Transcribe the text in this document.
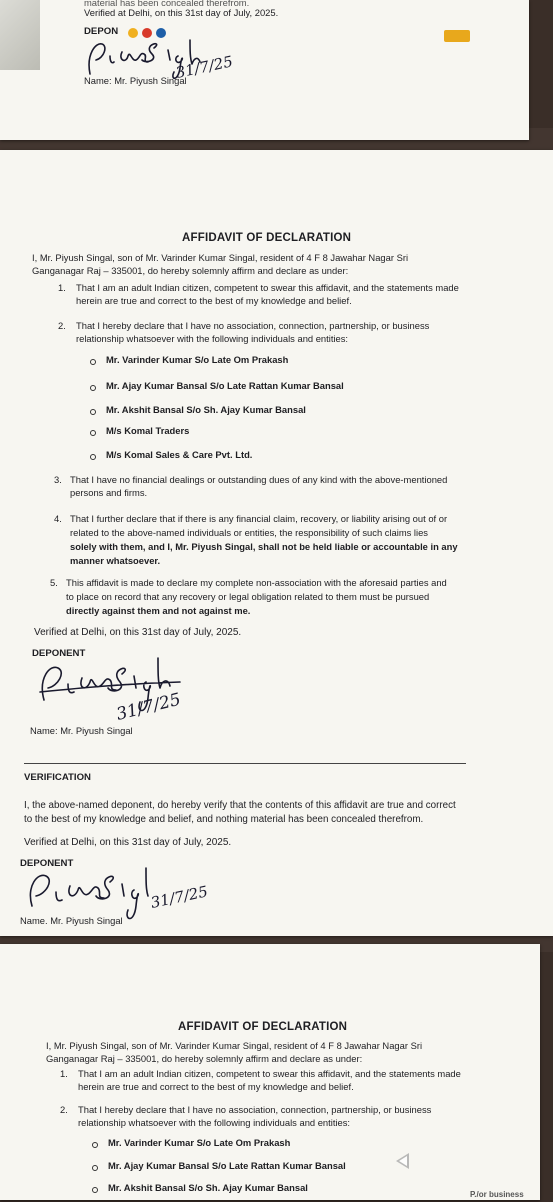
material has been concealed therefrom.
Verified at Delhi, on this 31st day of July, 2025.
DEPON
31/7/25
Name: Mr. Piyush Singal
AFFIDAVIT OF DECLARATION
I, Mr. Piyush Singal, son of Mr. Varinder Kumar Singal, resident of 4 F 8 Jawahar Nagar Sri
Ganganagar Raj – 335001, do hereby solemnly affirm and declare as under:
1. That I am an adult Indian citizen, competent to swear this affidavit, and the statements made
herein are true and correct to the best of my knowledge and belief.
2. That I hereby declare that I have no association, connection, partnership, or business
relationship whatsoever with the following individuals and entities:
Mr. Varinder Kumar S/o Late Om Prakash
Mr. Ajay Kumar Bansal S/o Late Rattan Kumar Bansal
Mr. Akshit Bansal S/o Sh. Ajay Kumar Bansal
M/s Komal Traders
M/s Komal Sales & Care Pvt. Ltd.
3. That I have no financial dealings or outstanding dues of any kind with the above-mentioned
persons and firms.
4. That I further declare that if there is any financial claim, recovery, or liability arising out of or
related to the above-named individuals or entities, the responsibility of such claims lies
solely with them, and I, Mr. Piyush Singal, shall not be held liable or accountable in any
manner whatsoever.
5. This affidavit is made to declare my complete non-association with the aforesaid parties and
to place on record that any recovery or legal obligation related to them must be pursued
directly against them and not against me.
Verified at Delhi, on this 31st day of July, 2025.
DEPONENT
31/7/25
Name: Mr. Piyush Singal
VERIFICATION
I, the above-named deponent, do hereby verify that the contents of this affidavit are true and correct
to the best of my knowledge and belief, and nothing material has been concealed therefrom.
Verified at Delhi, on this 31st day of July, 2025.
DEPONENT
31/7/25
Name. Mr. Piyush Singal
AFFIDAVIT OF DECLARATION
I, Mr. Piyush Singal, son of Mr. Varinder Kumar Singal, resident of 4 F 8 Jawahar Nagar Sri
Ganganagar Raj – 335001, do hereby solemnly affirm and declare as under:
1. That I am an adult Indian citizen, competent to swear this affidavit, and the statements made
herein are true and correct to the best of my knowledge and belief.
2. That I hereby declare that I have no association, connection, partnership, or business
relationship whatsoever with the following individuals and entities:
Mr. Varinder Kumar S/o Late Om Prakash
Mr. Ajay Kumar Bansal S/o Late Rattan Kumar Bansal
Mr. Akshit Bansal S/o Sh. Ajay Kumar Bansal
P./or business
